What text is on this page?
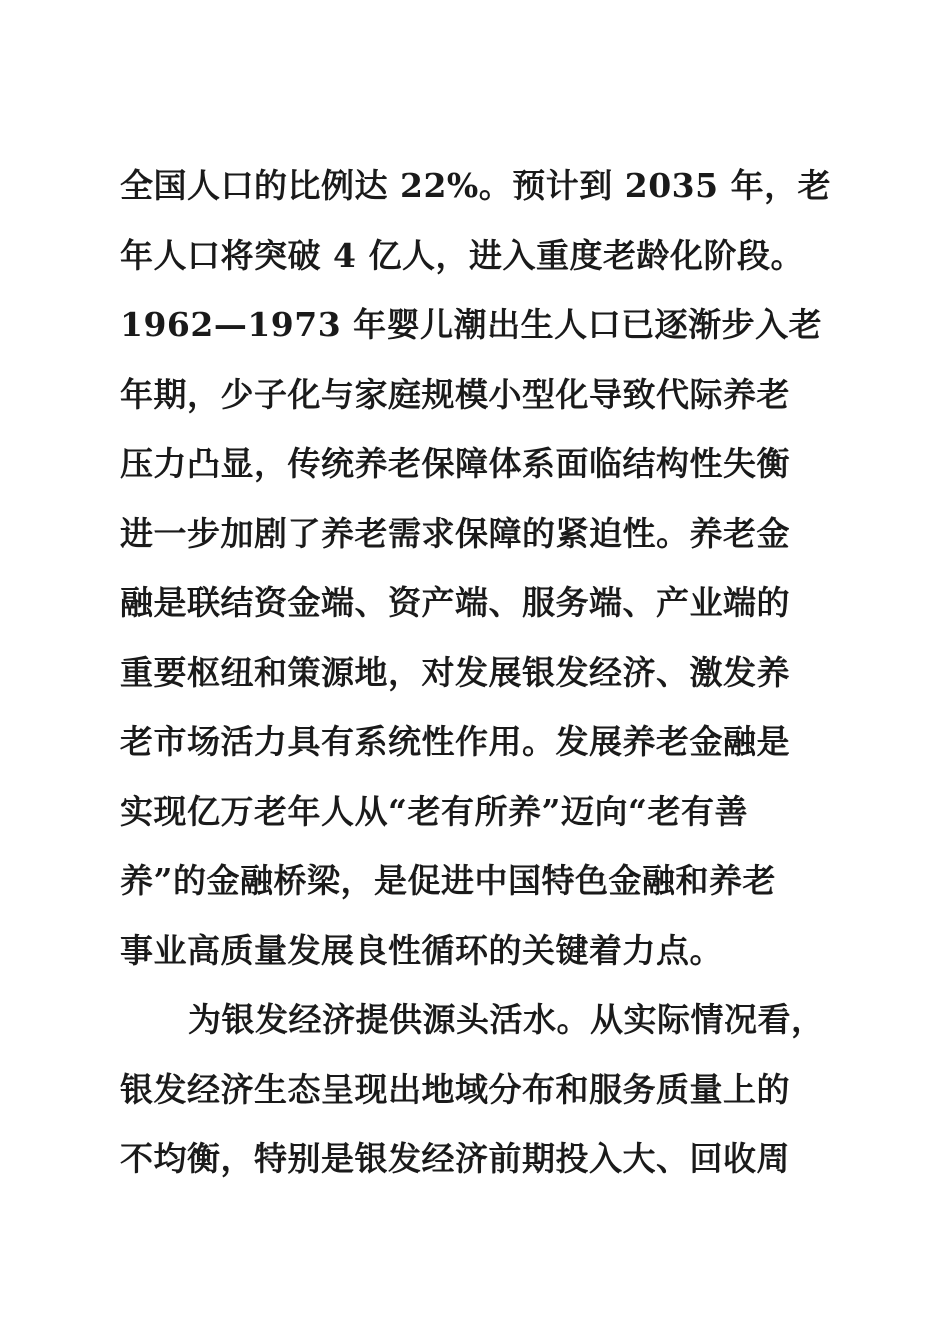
全国人口的比例达 22%。预计到 2035 年，老
年人口将突破 4 亿人，进入重度老龄化阶段。
1962—1973 年婴儿潮出生人口已逐渐步入老
年期，少子化与家庭规模小型化导致代际养老
压力凸显，传统养老保障体系面临结构性失衡
进一步加剧了养老需求保障的紧迫性。养老金
融是联结资金端、资产端、服务端、产业端的
重要枢纽和策源地，对发展银发经济、激发养
老市场活力具有系统性作用。发展养老金融是
实现亿万老年人从“老有所养”迈向“老有善
养”的金融桥梁，是促进中国特色金融和养老
事业高质量发展良性循环的关键着力点。
为银发经济提供源头活水。从实际情况看，
银发经济生态呈现出地域分布和服务质量上的
不均衡，特别是银发经济前期投入大、回收周
